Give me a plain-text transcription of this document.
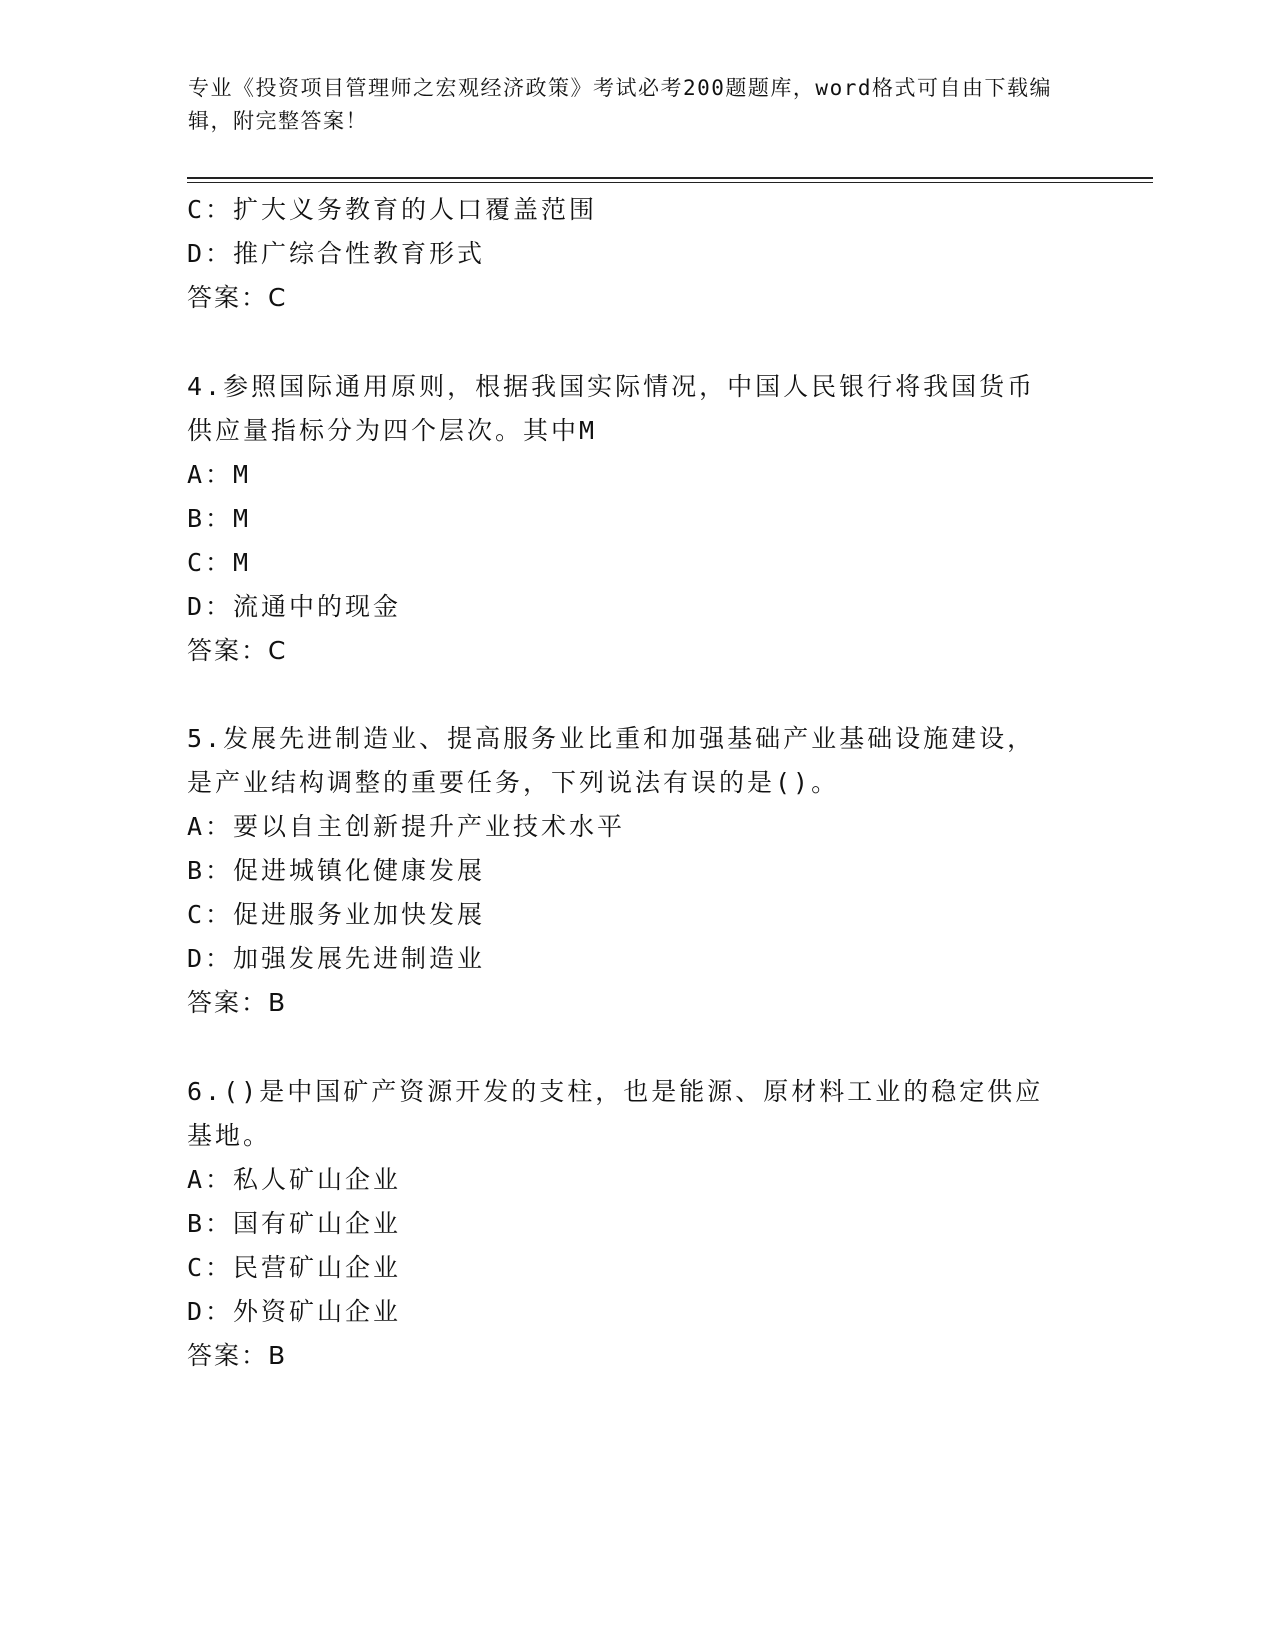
专业《投资项目管理师之宏观经济政策》考试必考200题题库，word格式可自由下载编辑，附完整答案！
C：扩大义务教育的人口覆盖范围
D：推广综合性教育形式
答案：C
4.参照国际通用原则，根据我国实际情况，中国人民银行将我国货币
供应量指标分为四个层次。其中M
A：M
B：M
C：M
D：流通中的现金
答案：C
5.发展先进制造业、提高服务业比重和加强基础产业基础设施建设，
是产业结构调整的重要任务，下列说法有误的是()。
A：要以自主创新提升产业技术水平
B：促进城镇化健康发展
C：促进服务业加快发展
D：加强发展先进制造业
答案：B
6.()是中国矿产资源开发的支柱，也是能源、原材料工业的稳定供应
基地。
A：私人矿山企业
B：国有矿山企业
C：民营矿山企业
D：外资矿山企业
答案：B
